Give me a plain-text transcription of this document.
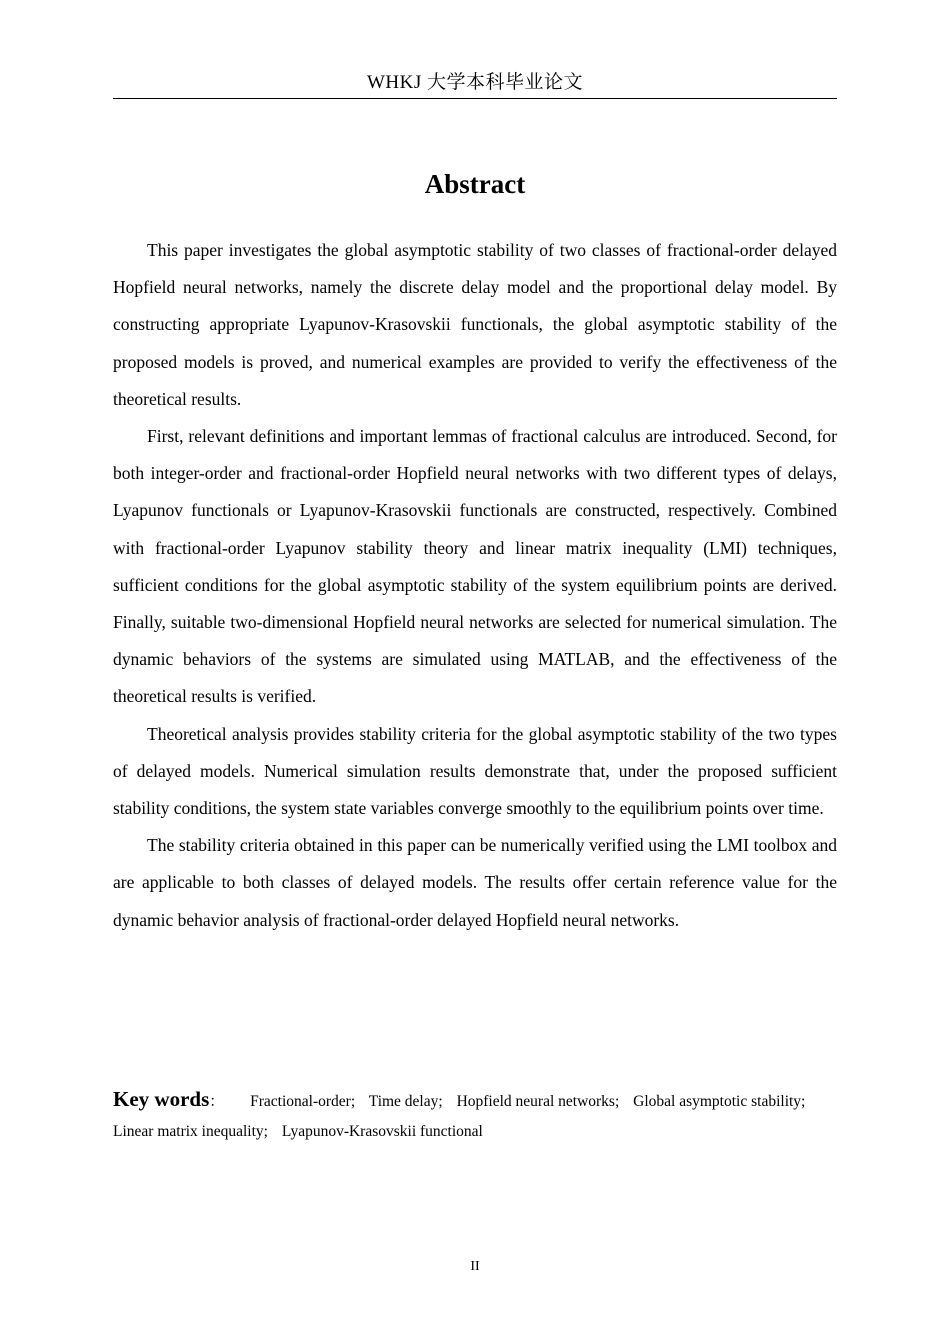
WHKJ 大学本科毕业论文
Abstract

This paper investigates the global asymptotic stability of two classes of fractional-order delayed Hopfield neural networks, namely the discrete delay model and the proportional delay model. By constructing appropriate Lyapunov-Krasovskii functionals, the global asymptotic stability of the proposed models is proved, and numerical examples are provided to verify the effectiveness of the theoretical results.

First, relevant definitions and important lemmas of fractional calculus are introduced. Second, for both integer-order and fractional-order Hopfield neural networks with two different types of delays, Lyapunov functionals or Lyapunov-Krasovskii functionals are constructed, respectively. Combined with fractional-order Lyapunov stability theory and linear matrix inequality (LMI) techniques, sufficient conditions for the global asymptotic stability of the system equilibrium points are derived. Finally, suitable two-dimensional Hopfield neural networks are selected for numerical simulation. The dynamic behaviors of the systems are simulated using MATLAB, and the effectiveness of the theoretical results is verified.

Theoretical analysis provides stability criteria for the global asymptotic stability of the two types of delayed models. Numerical simulation results demonstrate that, under the proposed sufficient stability conditions, the system state variables converge smoothly to the equilibrium points over time.

The stability criteria obtained in this paper can be numerically verified using the LMI toolbox and are applicable to both classes of delayed models. The results offer certain reference value for the dynamic behavior analysis of fractional-order delayed Hopfield neural networks.

Key words： Fractional-order; Time delay; Hopfield neural networks; Global asymptotic stability; Linear matrix inequality; Lyapunov-Krasovskii functional
II
